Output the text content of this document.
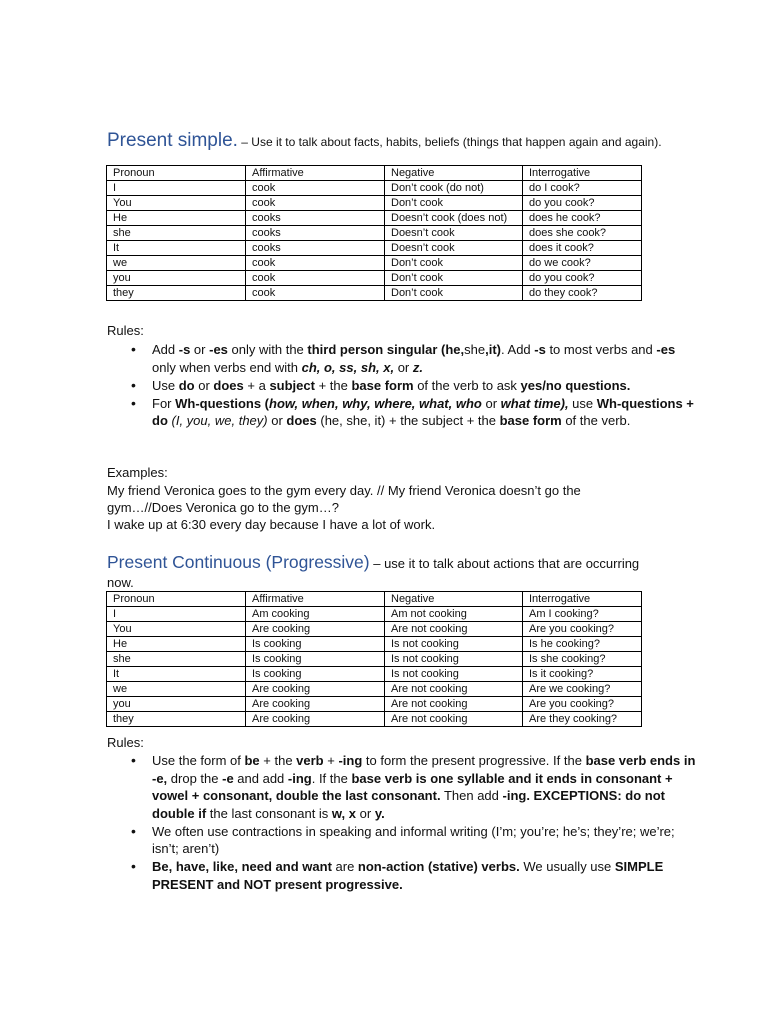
Present simple. – Use it to talk about facts, habits, beliefs (things that happen again and again).
Pronoun	Affirmative	Negative	Interrogative
I	cook	Don’t cook (do not)	do I cook?
You	cook	Don’t cook	do you cook?
He	cooks	Doesn’t cook (does not)	does he cook?
she	cooks	Doesn’t cook	does she cook?
It	cooks	Doesn’t cook	does it cook?
we	cook	Don’t cook	do we cook?
you	cook	Don’t cook	do you cook?
they	cook	Don’t cook	do they cook?
Rules:
• Add -s or -es only with the third person singular (he,she,it). Add -s to most verbs and -es only when verbs end with ch, o, ss, sh, x, or z.
• Use do or does + a subject + the base form of the verb to ask yes/no questions.
• For Wh-questions (how, when, why, where, what, who or what time), use Wh-questions + do (I, you, we, they) or does (he, she, it) + the subject + the base form of the verb.
Examples:
My friend Veronica goes to the gym every day. // My friend Veronica doesn’t go the gym…//Does Veronica go to the gym…?
I wake up at 6:30 every day because I have a lot of work.
Present Continuous (Progressive) – use it to talk about actions that are occurring now.
Pronoun	Affirmative	Negative	Interrogative
I	Am cooking	Am not cooking	Am I cooking?
You	Are cooking	Are not cooking	Are you cooking?
He	Is cooking	Is not cooking	Is he cooking?
she	Is cooking	Is not cooking	Is she cooking?
It	Is cooking	Is not cooking	Is it cooking?
we	Are cooking	Are not cooking	Are we cooking?
you	Are cooking	Are not cooking	Are you cooking?
they	Are cooking	Are not cooking	Are they cooking?
Rules:
• Use the form of be + the verb + -ing to form the present progressive. If the base verb ends in -e, drop the -e and add -ing. If the base verb is one syllable and it ends in consonant + vowel + consonant, double the last consonant. Then add -ing. EXCEPTIONS: do not double if the last consonant is w, x or y.
• We often use contractions in speaking and informal writing (I’m; you’re; he’s; they’re; we’re; isn’t; aren’t)
• Be, have, like, need and want are non-action (stative) verbs. We usually use SIMPLE PRESENT and NOT present progressive.
